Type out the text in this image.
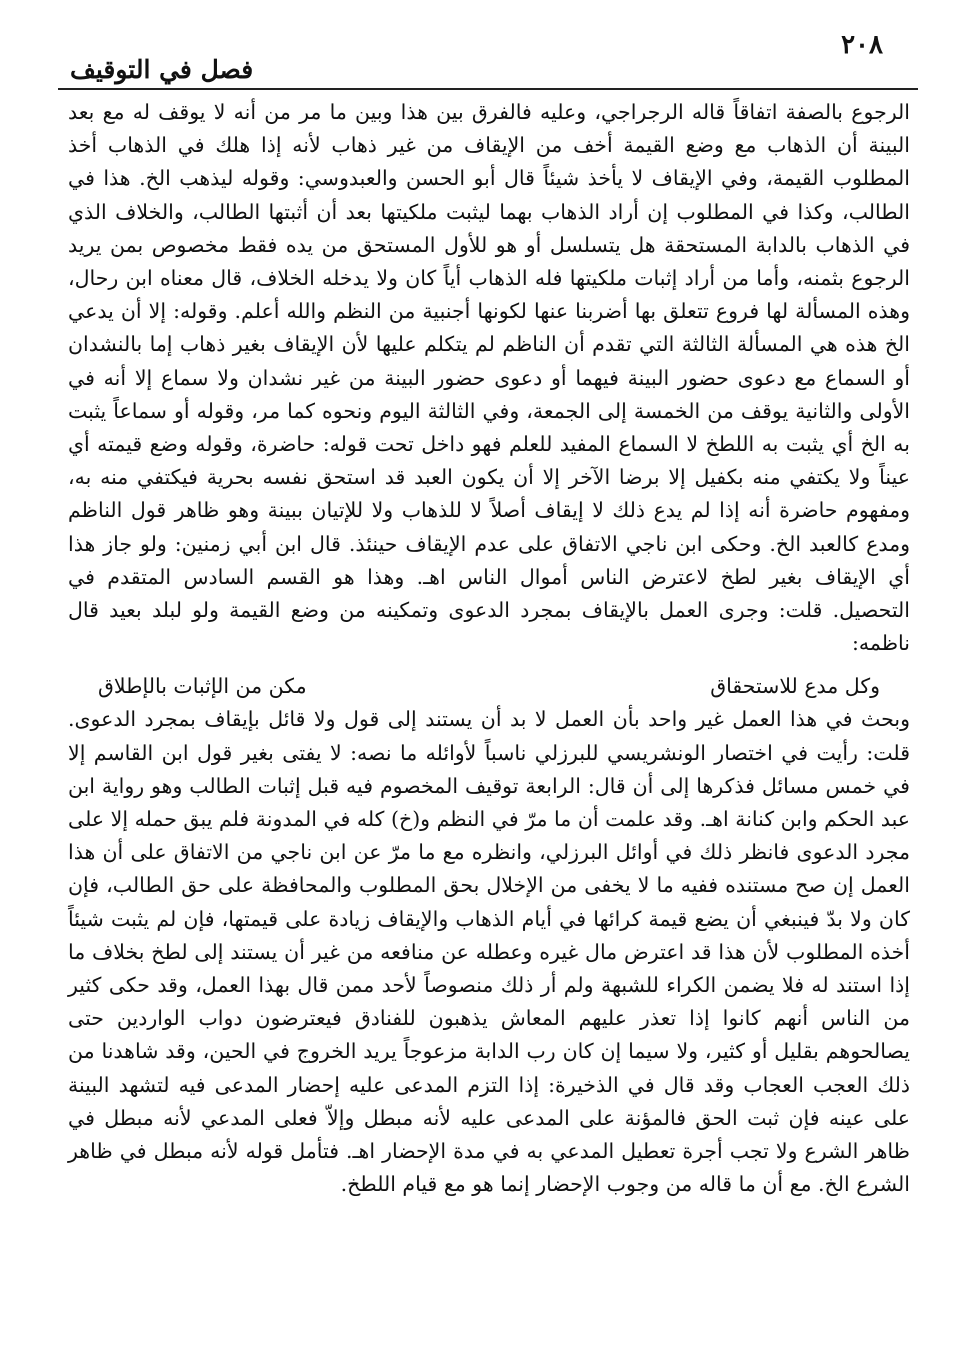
٢٠٨
فصل في التوقيف

الرجوع بالصفة اتفاقاً قاله الرجراجي، وعليه فالفرق بين هذا وبين ما مر من أنه لا يوقف له مع بعد البينة أن الذهاب مع وضع القيمة أخف من الإيقاف من غير ذهاب لأنه إذا هلك في الذهاب أخذ المطلوب القيمة، وفي الإيقاف لا يأخذ شيئاً قال أبو الحسن والعبدوسي: وقوله ليذهب الخ. هذا في الطالب، وكذا في المطلوب إن أراد الذهاب بهما ليثبت ملكيتها بعد أن أثبتها الطالب، والخلاف الذي في الذهاب بالدابة المستحقة هل يتسلسل أو هو للأول المستحق من يده فقط مخصوص بمن يريد الرجوع بثمنه، وأما من أراد إثبات ملكيتها فله الذهاب أياً كان ولا يدخله الخلاف، قال معناه ابن رحال، وهذه المسألة لها فروع تتعلق بها أضربنا عنها لكونها أجنبية من النظم والله أعلم. وقوله: إلا أن يدعي الخ هذه هي المسألة الثالثة التي تقدم أن الناظم لم يتكلم عليها لأن الإيقاف بغير ذهاب إما بالنشدان أو السماع مع دعوى حضور البينة فيهما أو دعوى حضور البينة من غير نشدان ولا سماع إلا أنه في الأولى والثانية يوقف من الخمسة إلى الجمعة، وفي الثالثة اليوم ونحوه كما مر، وقوله أو سماعاً يثبت به الخ أي يثبت به اللطخ لا السماع المفيد للعلم فهو داخل تحت قوله: حاضرة، وقوله وضع قيمته أي عيناً ولا يكتفي منه بكفيل إلا برضا الآخر إلا أن يكون العبد قد استحق نفسه بحرية فيكتفي منه به، ومفهوم حاضرة أنه إذا لم يدع ذلك لا إيقاف أصلاً لا للذهاب ولا للإتيان ببينة وهو ظاهر قول الناظم ومدع كالعبد الخ. وحكى ابن ناجي الاتفاق على عدم الإيقاف حينئذ. قال ابن أبي زمنين: ولو جاز هذا أي الإيقاف بغير لطخ لاعترض الناس أموال الناس اهـ. وهذا هو القسم السادس المتقدم في التحصيل. قلت: وجرى العمل بالإيقاف بمجرد الدعوى وتمكينه من وضع القيمة ولو لبلد بعيد قال ناظمه:

وكل مدع للاستحقاق
مكن من الإثبات بالإطلاق

وبحث في هذا العمل غير واحد بأن العمل لا بد أن يستند إلى قول ولا قائل بإيقاف بمجرد الدعوى. قلت: رأيت في اختصار الونشريسي للبرزلي ناسباً لأوائله ما نصه: لا يفتى بغير قول ابن القاسم إلا في خمس مسائل فذكرها إلى أن قال: الرابعة توقيف المخصوم فيه قبل إثبات الطالب وهو رواية ابن عبد الحكم وابن كنانة اهـ. وقد علمت أن ما مرّ في النظم و(خ) كله في المدونة فلم يبق حمله إلا على مجرد الدعوى فانظر ذلك في أوائل البرزلي، وانظره مع ما مرّ عن ابن ناجي من الاتفاق على أن هذا العمل إن صح مستنده ففيه ما لا يخفى من الإخلال بحق المطلوب والمحافظة على حق الطالب، فإن كان ولا بدّ فينبغي أن يضع قيمة كرائها في أيام الذهاب والإيقاف زيادة على قيمتها، فإن لم يثبت شيئاً أخذه المطلوب لأن هذا قد اعترض مال غيره وعطله عن منافعه من غير أن يستند إلى لطخ بخلاف ما إذا استند له فلا يضمن الكراء للشبهة ولم أر ذلك منصوصاً لأحد ممن قال بهذا العمل، وقد حكى كثير من الناس أنهم كانوا إذا تعذر عليهم المعاش يذهبون للفنادق فيعترضون دواب الواردين حتى يصالحوهم بقليل أو كثير، ولا سيما إن كان رب الدابة مزعوجاً يريد الخروج في الحين، وقد شاهدنا من ذلك العجب العجاب وقد قال في الذخيرة: إذا التزم المدعى عليه إحضار المدعى فيه لتشهد البينة على عينه فإن ثبت الحق فالمؤنة على المدعى عليه لأنه مبطل وإلاّ فعلى المدعي لأنه مبطل في ظاهر الشرع ولا تجب أجرة تعطيل المدعي به في مدة الإحضار اهـ. فتأمل قوله لأنه مبطل في ظاهر الشرع الخ. مع أن ما قاله من وجوب الإحضار إنما هو مع قيام اللطخ.
